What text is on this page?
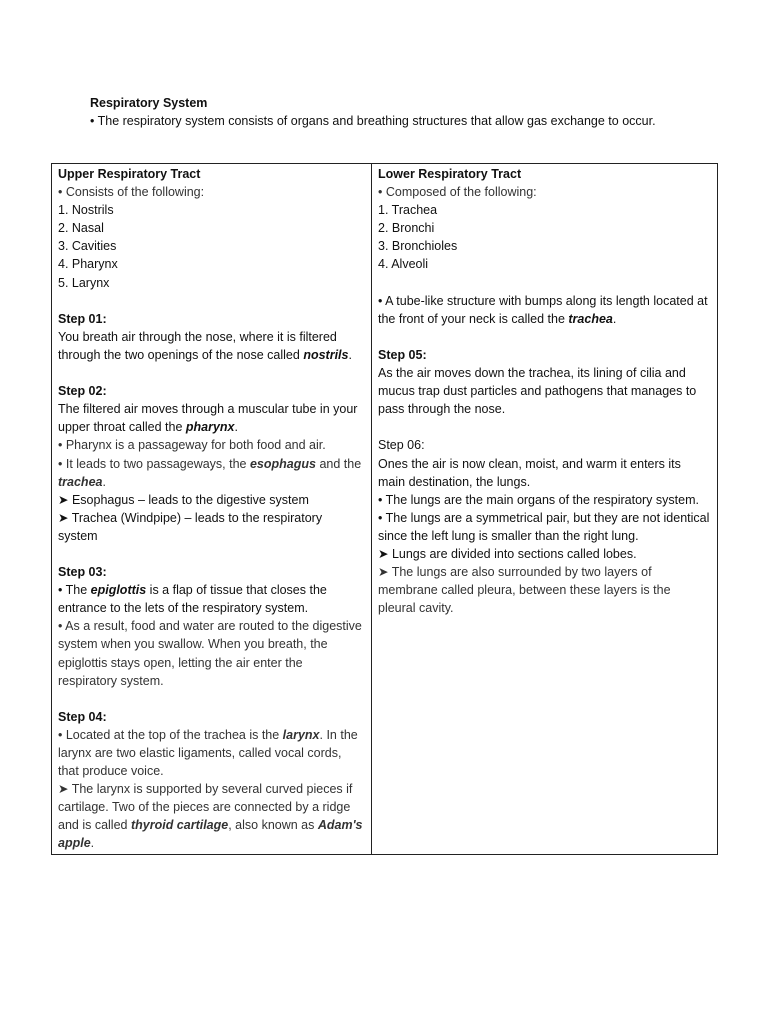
Respiratory System
• The respiratory system consists of organs and breathing structures that allow gas exchange to occur.
Upper Respiratory Tract
• Consists of the following:
1. Nostrils
2. Nasal
3. Cavities
4. Pharynx
5. Larynx
Step 01:
You breath air through the nose, where it is filtered through the two openings of the nose called nostrils.
Step 02:
The filtered air moves through a muscular tube in your upper throat called the pharynx.
• Pharynx is a passageway for both food and air.
• It leads to two passageways, the esophagus and the trachea.
➤ Esophagus – leads to the digestive system
➤ Trachea (Windpipe) – leads to the respiratory system
Step 03:
• The epiglottis is a flap of tissue that closes the entrance to the lets of the respiratory system.
• As a result, food and water are routed to the digestive system when you swallow. When you breath, the epiglottis stays open, letting the air enter the respiratory system.
Step 04:
• Located at the top of the trachea is the larynx. In the larynx are two elastic ligaments, called vocal cords, that produce voice.
➤ The larynx is supported by several curved pieces if cartilage. Two of the pieces are connected by a ridge and is called thyroid cartilage, also known as Adam's apple.

Lower Respiratory Tract
• Composed of the following:
1. Trachea
2. Bronchi
3. Bronchioles
4. Alveoli
• A tube-like structure with bumps along its length located at the front of your neck is called the trachea.
Step 05:
As the air moves down the trachea, its lining of cilia and mucus trap dust particles and pathogens that manages to pass through the nose.
Step 06:
Ones the air is now clean, moist, and warm it enters its main destination, the lungs.
• The lungs are the main organs of the respiratory system.
• The lungs are a symmetrical pair, but they are not identical since the left lung is smaller than the right lung.
➤ Lungs are divided into sections called lobes.
➤ The lungs are also surrounded by two layers of membrane called pleura, between these layers is the pleural cavity.
